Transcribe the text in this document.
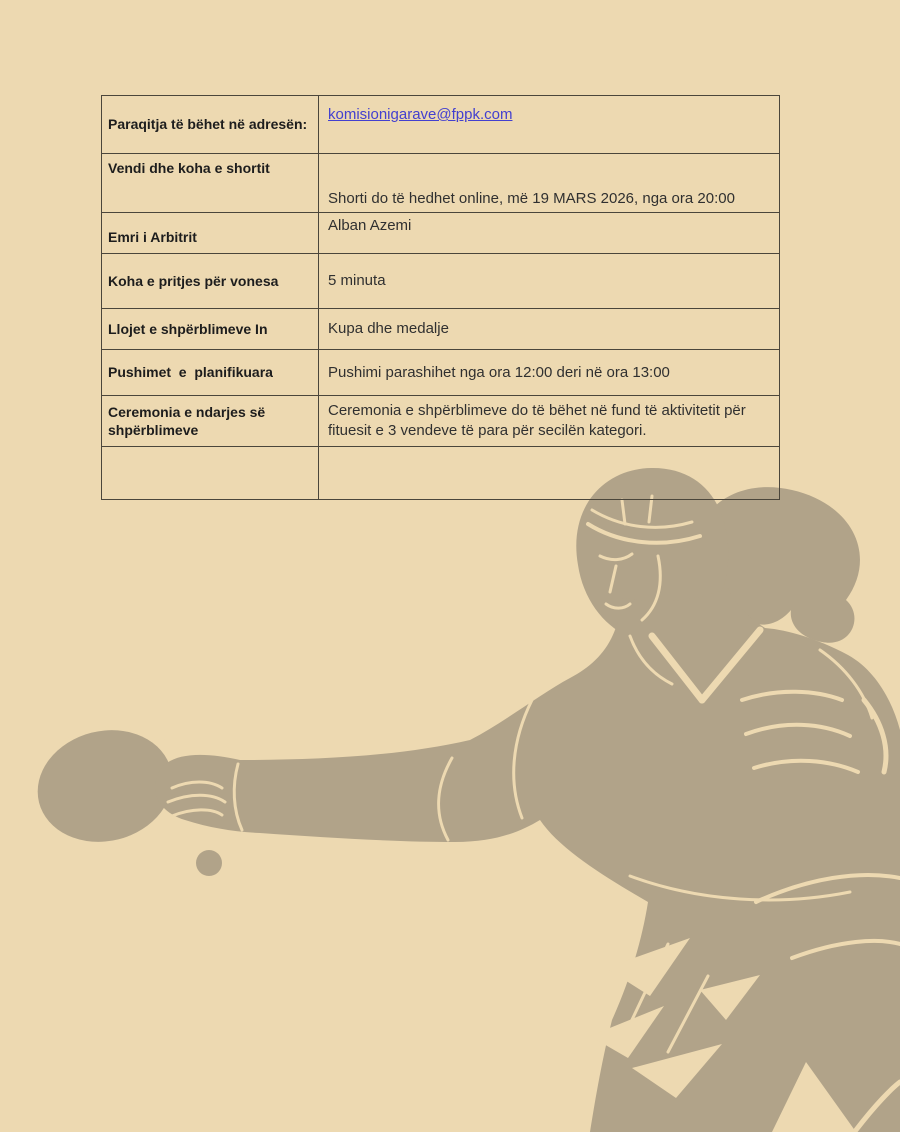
Paraqitja të bëhet në adresën:	komisionigarave@fppk.com
Vendi dhe koha e shortit	Shorti do të hedhet online, më 19 MARS 2026, nga ora 20:00
Emri i Arbitrit	Alban Azemi
Koha e pritjes për vonesa	5 minuta
Llojet e shpërblimeve In	Kupa dhe medalje
Pushimet  e  planifikuara	Pushimi parashihet nga ora 12:00 deri në ora 13:00
Ceremonia e ndarjes së shpërblimeve	Ceremonia e shpërblimeve do të bëhet në fund të aktivitetit për fituesit e 3 vendeve të para për secilën kategori.
